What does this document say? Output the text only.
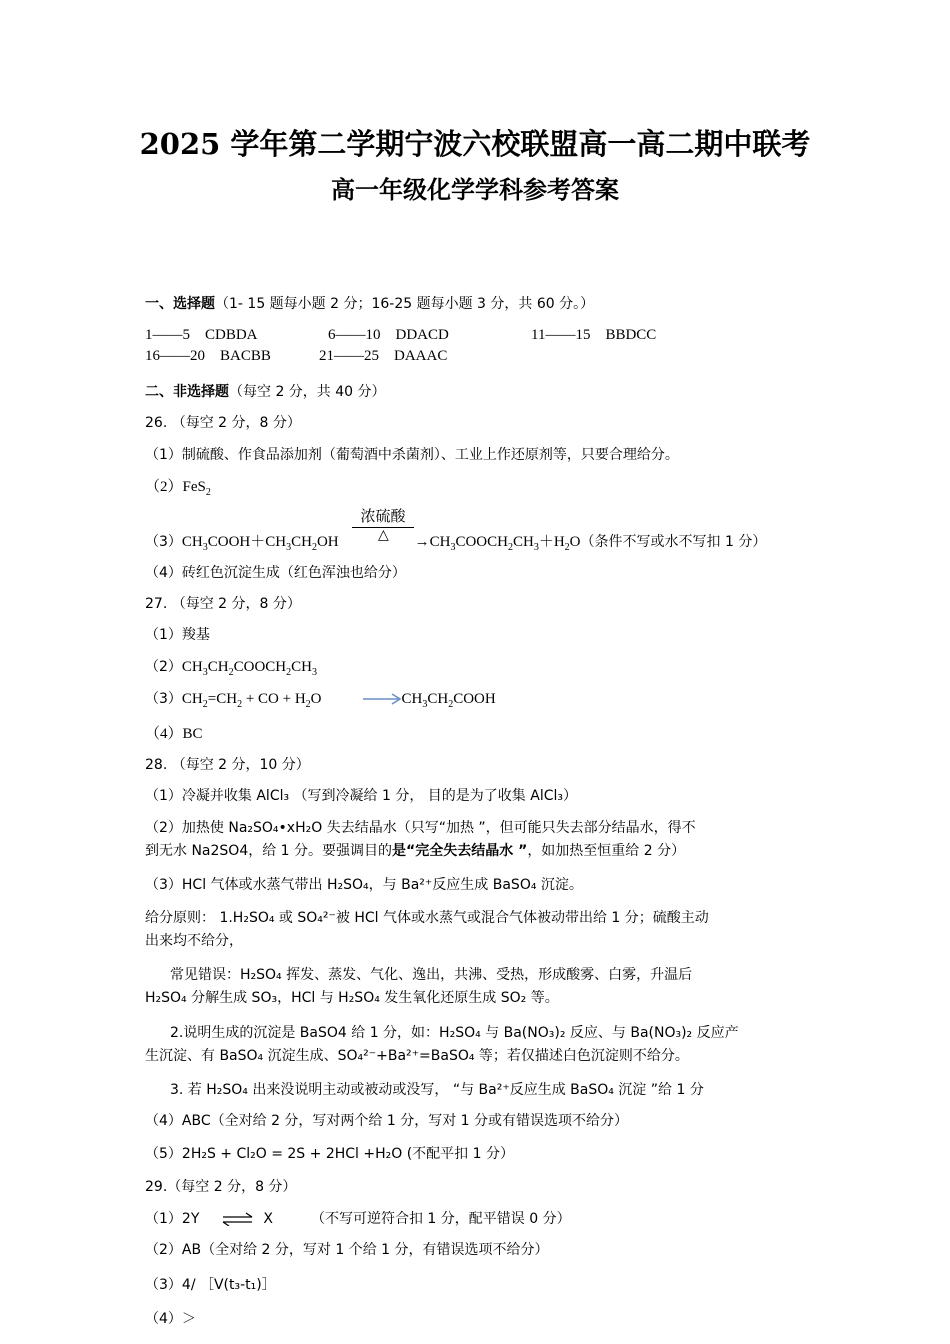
2025 学年第二学期宁波六校联盟高一高二期中联考
高一年级化学学科参考答案
一、选择题（1- 15 题每小题 2 分；16-25 题每小题 3 分，共 60 分。）
1——5 CDBDA	6——10 DDACD	11——15 BBDCC
16——20 BACBB	21——25 DAAAC
二、非选择题（每空 2 分，共 40 分）
26. （每空 2 分，8 分）
（1）制硫酸、作食品添加剂（葡萄酒中杀菌剂）、工业上作还原剂等，只要合理给分。
（2）FeS$_2$
浓硫酸
△
$(3)CH_3COOH+CH_3CH_2OH$	$\to CH_3COOCH_2CH_3+H_2O$（条件不写或水不写扣 1 分）
（4）砖红色沉淀生成（红色浑浊也给分）
27. （每空 2 分，8 分）
（1）羧基
$(2)CH_3CH_2COOCH_2CH_3$
$(3)CH_2=CH_2$ + CO + $H_2O$	$CH_3CH_2COOH$
（4）BC
28. （每空 2 分，10 分）
（1）冷凝并收集 AlCl₃ （写到冷凝给 1 分， 目的是为了收集 AlCl₃）
（2）加热使 Na₂SO₄•xH₂O 失去结晶水（只写“加热 ”，但可能只失去部分结晶水，得不
到无水 Na2SO4，给 1 分。要强调目的是“完全失去结晶水 ”，如加热至恒重给 2 分）
（3）HCl 气体或水蒸气带出 H₂SO₄，与 Ba²⁺反应生成 BaSO₄ 沉淀。
给分原则： 1.H₂SO₄ 或 SO₄²⁻被 HCl 气体或水蒸气或混合气体被动带出给 1 分；硫酸主动
出来均不给分，
常见错误：H₂SO₄ 挥发、蒸发、气化、逸出，共沸、受热，形成酸雾、白雾，升温后
H₂SO₄ 分解生成 SO₃，HCl 与 H₂SO₄ 发生氧化还原生成 SO₂ 等。
2.说明生成的沉淀是 BaSO4 给 1 分，如：H₂SO₄ 与 Ba(NO₃)₂ 反应、与 Ba(NO₃)₂ 反应产
生沉淀、有 BaSO₄ 沉淀生成、SO₄²⁻+Ba²⁺=BaSO₄ 等；若仅描述白色沉淀则不给分。
3. 若 H₂SO₄ 出来没说明主动或被动或没写， “与 Ba²⁺反应生成 BaSO₄ 沉淀 ”给 1 分
（4）ABC（全对给 2 分，写对两个给 1 分，写对 1 分或有错误选项不给分）
（5）2H₂S + Cl₂O = 2S + 2HCl +H₂O (不配平扣 1 分）
29.（每空 2 分，8 分）
（1）2Y	X	（不写可逆符合扣 1 分，配平错误 0 分）
（2）AB（全对给 2 分，写对 1 个给 1 分，有错误选项不给分）
（3）4/ ［V(t₃-t₁)］
（4）＞
